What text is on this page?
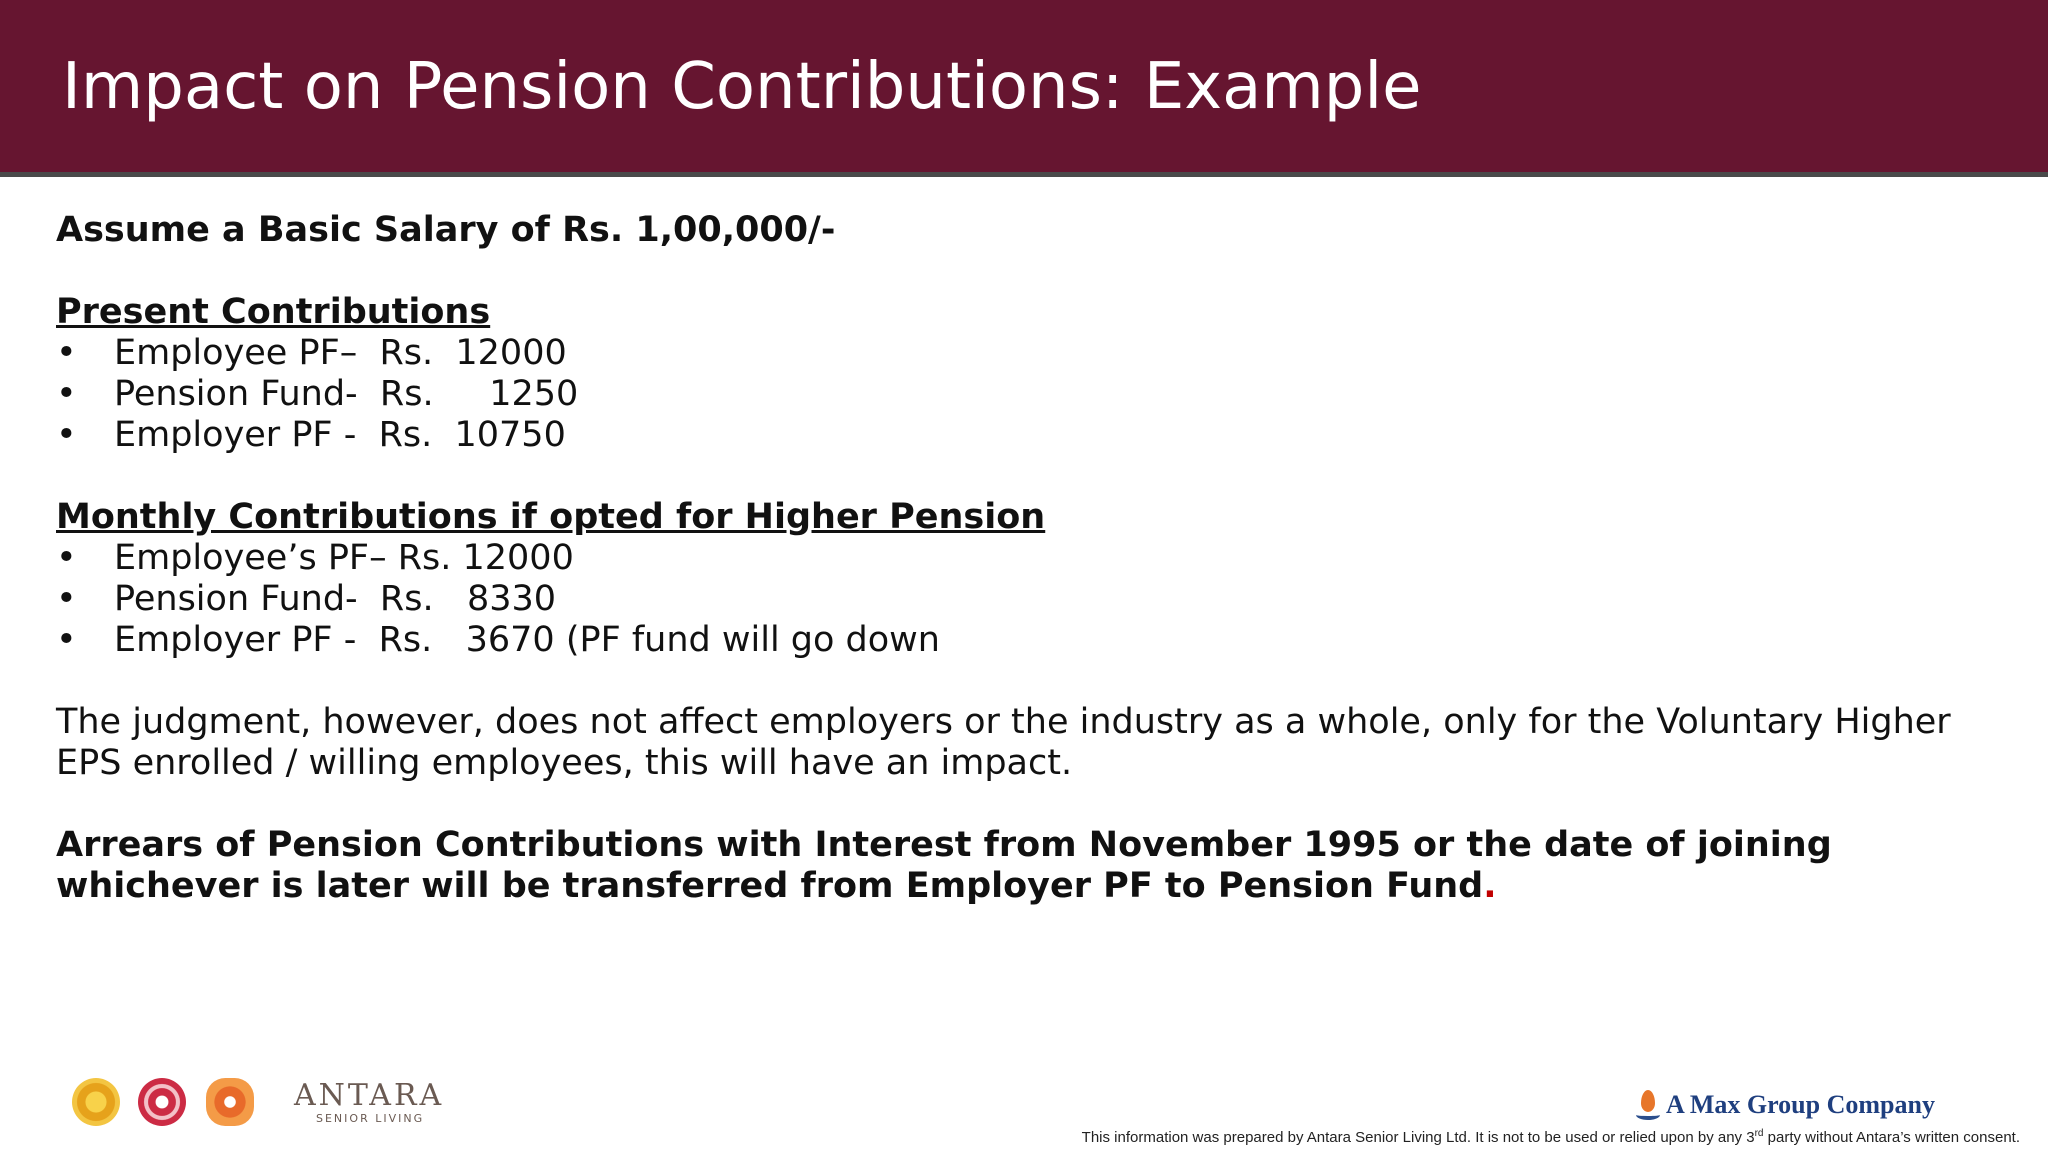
Impact on Pension Contributions: Example
Assume a Basic Salary of Rs. 1,00,000/-
Present Contributions
•	Employee PF–  Rs.  12000
•	Pension Fund-  Rs.     1250
•	Employer PF -  Rs.  10750
Monthly Contributions if opted for Higher Pension
•	Employee’s PF– Rs. 12000
•	Pension Fund-  Rs.   8330
•	Employer PF -  Rs.   3670 (PF fund will go down
The judgment, however, does not affect employers or the industry as a whole, only for the Voluntary Higher EPS enrolled / willing employees, this will have an impact.
Arrears of Pension Contributions with Interest from November 1995 or the date of joining whichever is later will be transferred from Employer PF to Pension Fund.
ANTARA
SENIOR LIVING	A Max Group Company
This information was prepared by Antara Senior Living Ltd. It is not to be used or relied upon by any 3rd party without Antara’s written consent.
